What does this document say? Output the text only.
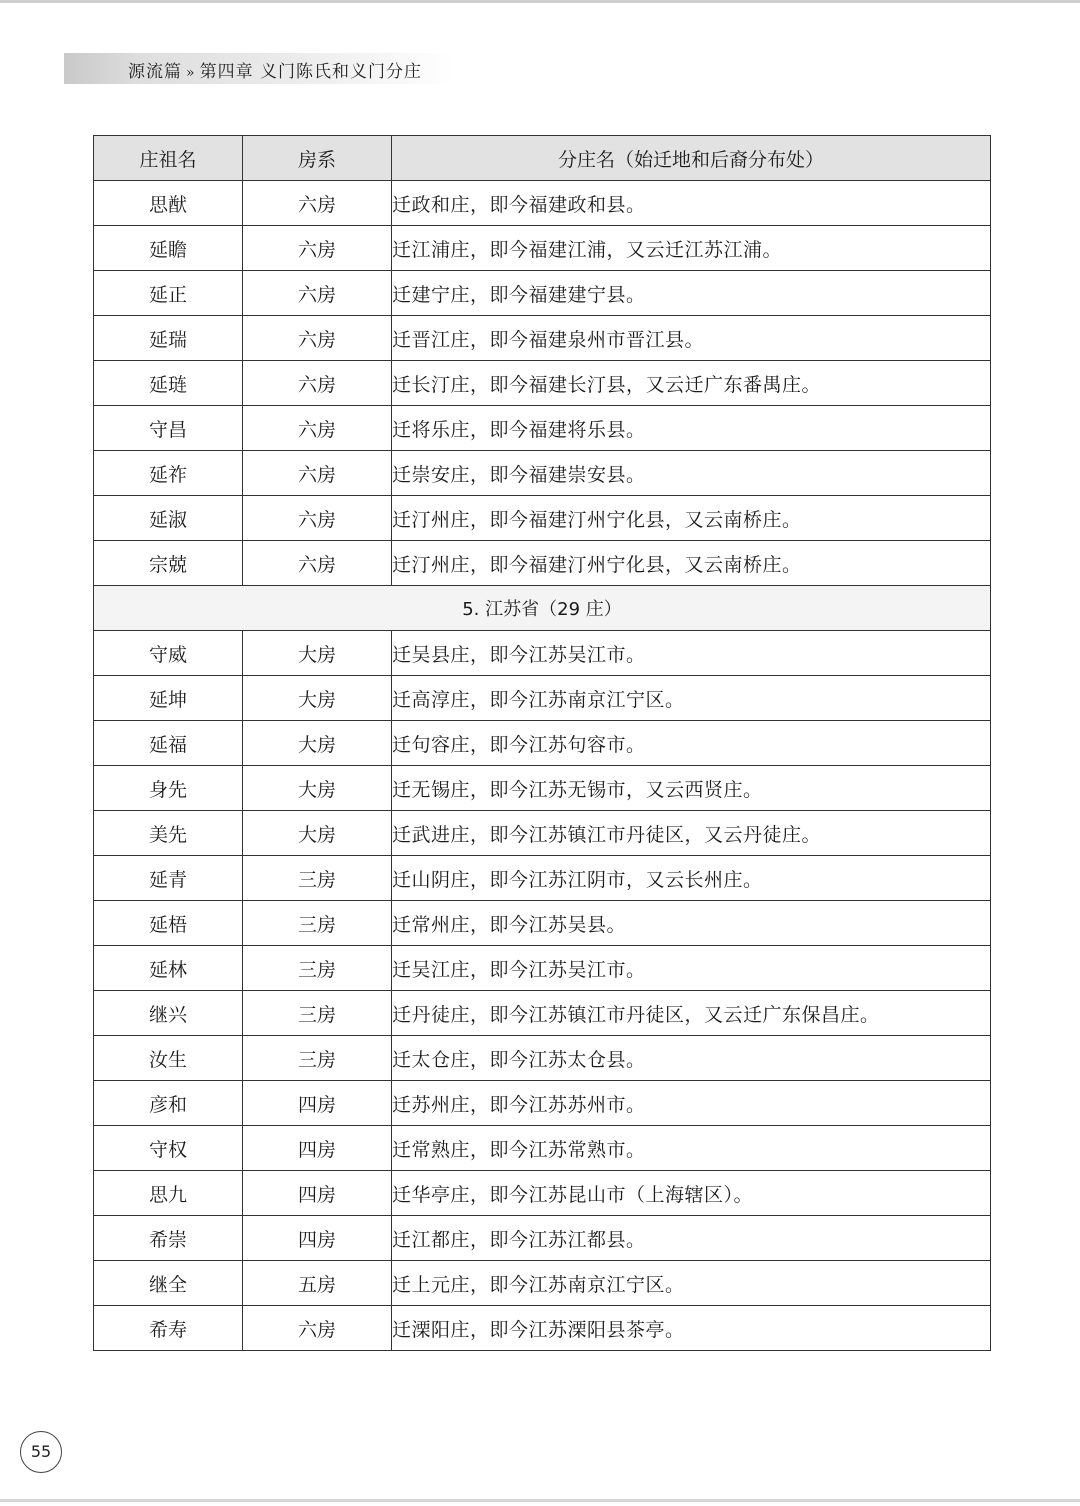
源流篇 » 第四章 义门陈氏和义门分庄
庄祖名	房系	分庄名（始迁地和后裔分布处）
思猷	六房	迁政和庄，即今福建政和县。
延瞻	六房	迁江浦庄，即今福建江浦，又云迁江苏江浦。
延正	六房	迁建宁庄，即今福建建宁县。
延瑞	六房	迁晋江庄，即今福建泉州市晋江县。
延琏	六房	迁长汀庄，即今福建长汀县，又云迁广东番禺庄。
守昌	六房	迁将乐庄，即今福建将乐县。
延祚	六房	迁崇安庄，即今福建崇安县。
延淑	六房	迁汀州庄，即今福建汀州宁化县，又云南桥庄。
宗兢	六房	迁汀州庄，即今福建汀州宁化县，又云南桥庄。
5. 江苏省（29 庄）		
守威	大房	迁吴县庄，即今江苏吴江市。
延坤	大房	迁高淳庄，即今江苏南京江宁区。
延福	大房	迁句容庄，即今江苏句容市。
身先	大房	迁无锡庄，即今江苏无锡市，又云西贤庄。
美先	大房	迁武进庄，即今江苏镇江市丹徒区，又云丹徒庄。
延青	三房	迁山阴庄，即今江苏江阴市，又云长州庄。
延梧	三房	迁常州庄，即今江苏吴县。
延林	三房	迁吴江庄，即今江苏吴江市。
继兴	三房	迁丹徒庄，即今江苏镇江市丹徒区，又云迁广东保昌庄。
汝生	三房	迁太仓庄，即今江苏太仓县。
彦和	四房	迁苏州庄，即今江苏苏州市。
守权	四房	迁常熟庄，即今江苏常熟市。
思九	四房	迁华亭庄，即今江苏昆山市（上海辖区）。
希崇	四房	迁江都庄，即今江苏江都县。
继全	五房	迁上元庄，即今江苏南京江宁区。
希寿	六房	迁溧阳庄，即今江苏溧阳县茶亭。
55
